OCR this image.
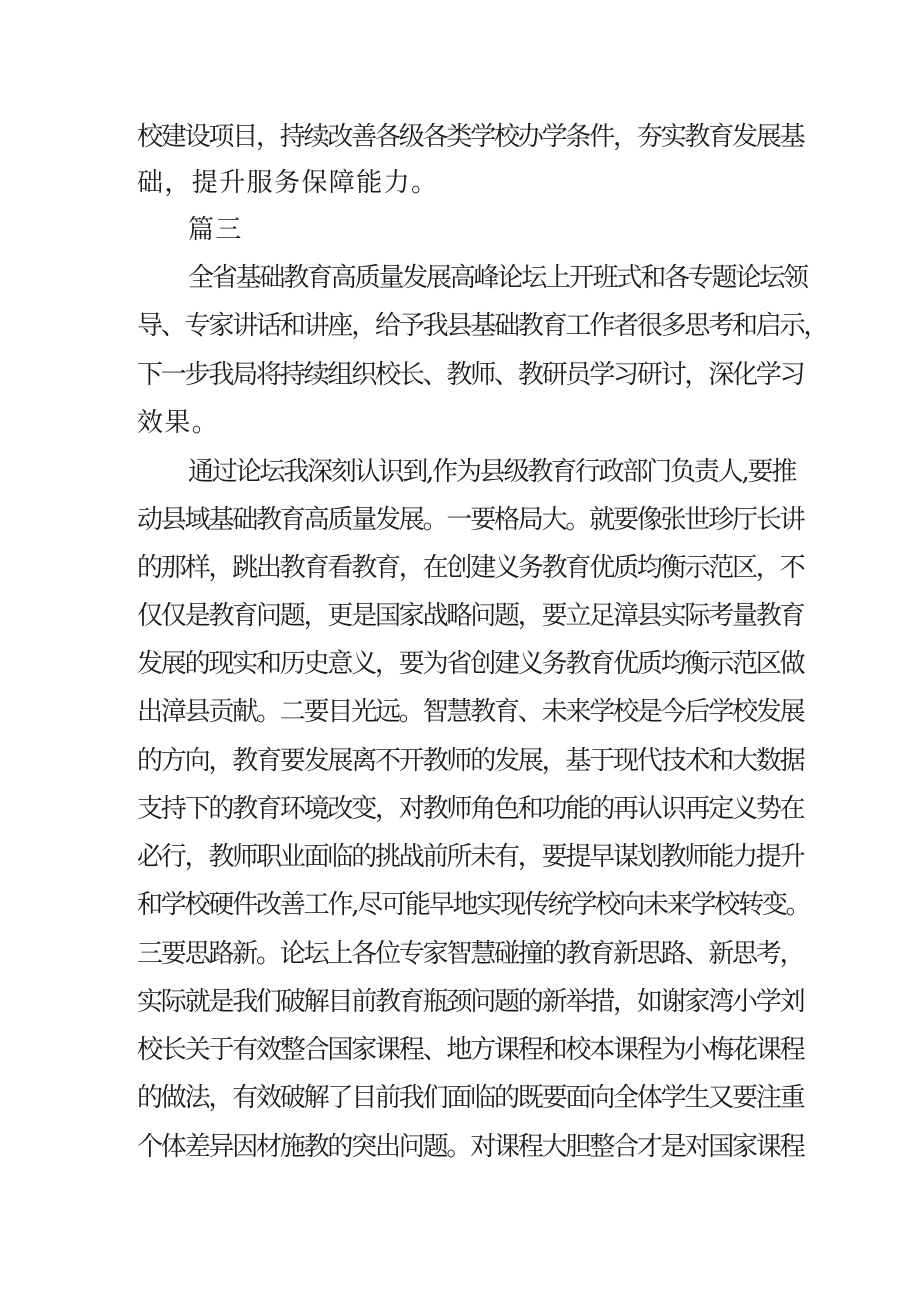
校建设项目，持续改善各级各类学校办学条件，夯实教育发展基
础，提升服务保障能力。
篇三
全省基础教育高质量发展高峰论坛上开班式和各专题论坛领
导、专家讲话和讲座，给予我县基础教育工作者很多思考和启示，
下一步我局将持续组织校长、教师、教研员学习研讨，深化学习
效果。
通过论坛我深刻认识到,作为县级教育行政部门负责人,要推
动县域基础教育高质量发展。一要格局大。就要像张世珍厅长讲
的那样，跳出教育看教育，在创建义务教育优质均衡示范区，不
仅仅是教育问题，更是国家战略问题，要立足漳县实际考量教育
发展的现实和历史意义，要为省创建义务教育优质均衡示范区做
出漳县贡献。二要目光远。智慧教育、未来学校是今后学校发展
的方向，教育要发展离不开教师的发展，基于现代技术和大数据
支持下的教育环境改变，对教师角色和功能的再认识再定义势在
必行，教师职业面临的挑战前所未有，要提早谋划教师能力提升
和学校硬件改善工作,尽可能早地实现传统学校向未来学校转变。
三要思路新。论坛上各位专家智慧碰撞的教育新思路、新思考，
实际就是我们破解目前教育瓶颈问题的新举措，如谢家湾小学刘
校长关于有效整合国家课程、地方课程和校本课程为小梅花课程
的做法，有效破解了目前我们面临的既要面向全体学生又要注重
个体差异因材施教的突出问题。对课程大胆整合才是对国家课程
